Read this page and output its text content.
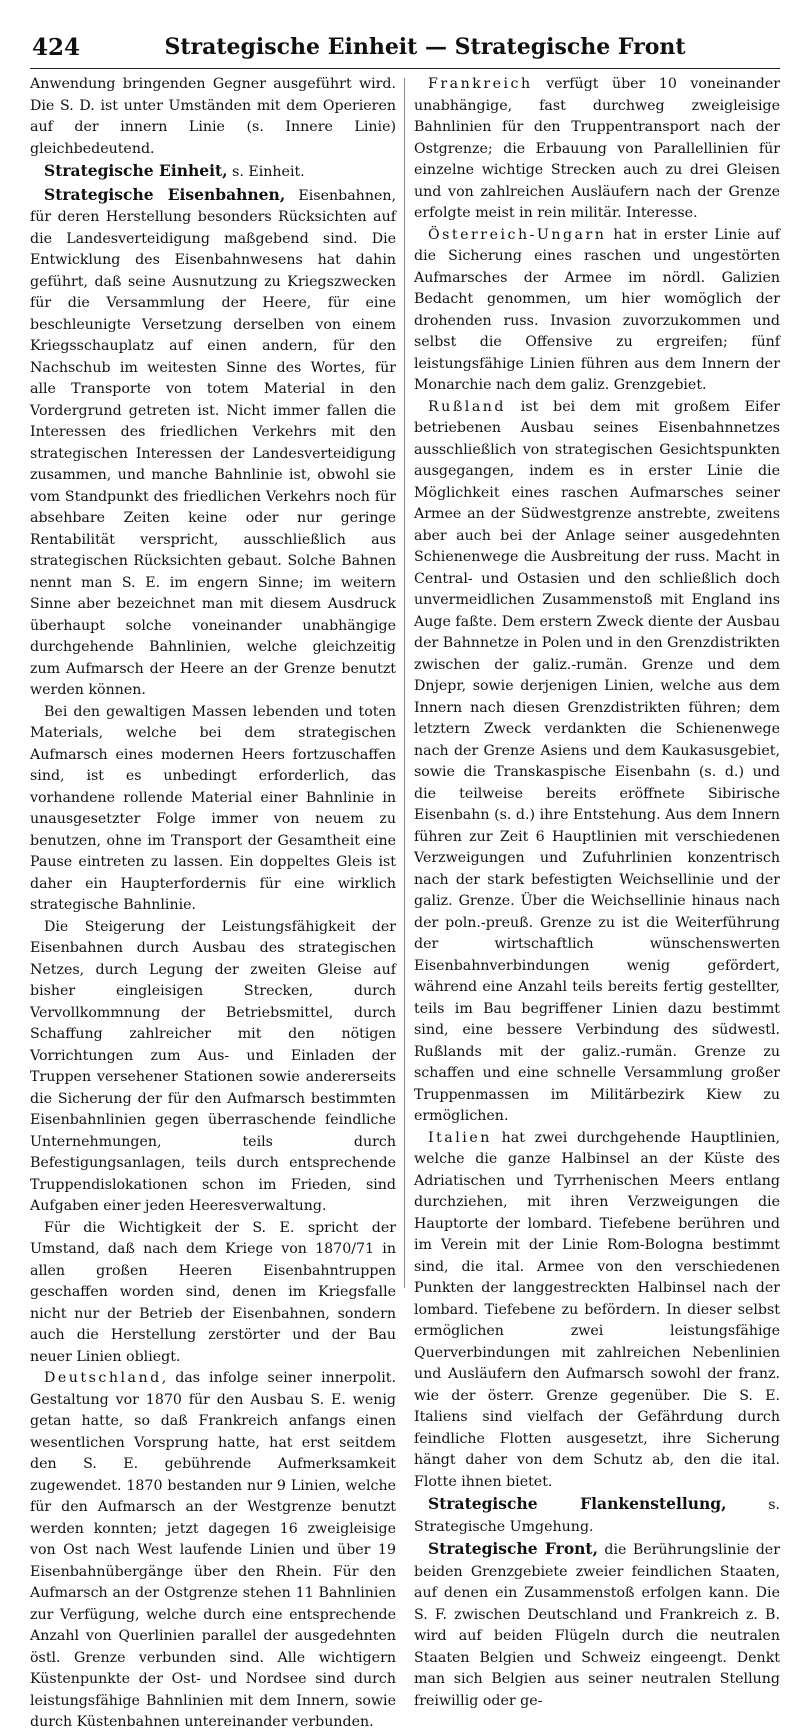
424	Strategische Einheit — Strategische Front

Anwendung bringenden Gegner ausgeführt wird. Die S. D. ist unter Umständen mit dem Operieren auf der innern Linie (s. Innere Linie) gleichbedeutend.

Strategische Einheit, s. Einheit.

Strategische Eisenbahnen, Eisenbahnen, für deren Herstellung besonders Rücksichten auf die Landesverteidigung maßgebend sind. Die Entwicklung des Eisenbahnwesens hat dahin geführt, daß seine Ausnutzung zu Kriegszwecken für die Versammlung der Heere, für eine beschleunigte Versetzung derselben von einem Kriegsschauplatz auf einen andern, für den Nachschub im weitesten Sinne des Wortes, für alle Transporte von totem Material in den Vordergrund getreten ist. Nicht immer fallen die Interessen des friedlichen Verkehrs mit den strategischen Interessen der Landesverteidigung zusammen, und manche Bahnlinie ist, obwohl sie vom Standpunkt des friedlichen Verkehrs noch für absehbare Zeiten keine oder nur geringe Rentabilität verspricht, ausschließlich aus strategischen Rücksichten gebaut. Solche Bahnen nennt man S. E. im engern Sinne; im weitern Sinne aber bezeichnet man mit diesem Ausdruck überhaupt solche voneinander unabhängige durchgehende Bahnlinien, welche gleichzeitig zum Aufmarsch der Heere an der Grenze benutzt werden können.

Bei den gewaltigen Massen lebenden und toten Materials, welche bei dem strategischen Aufmarsch eines modernen Heers fortzuschaffen sind, ist es unbedingt erforderlich, das vorhandene rollende Material einer Bahnlinie in unausgesetzter Folge immer von neuem zu benutzen, ohne im Transport der Gesamtheit eine Pause eintreten zu lassen. Ein doppeltes Gleis ist daher ein Haupterfordernis für eine wirklich strategische Bahnlinie.

Die Steigerung der Leistungsfähigkeit der Eisenbahnen durch Ausbau des strategischen Netzes, durch Legung der zweiten Gleise auf bisher eingleisigen Strecken, durch Vervollkommnung der Betriebsmittel, durch Schaffung zahlreicher mit den nötigen Vorrichtungen zum Aus- und Einladen der Truppen versehener Stationen sowie andererseits die Sicherung der für den Aufmarsch bestimmten Eisenbahnlinien gegen überraschende feindliche Unternehmungen, teils durch Befestigungsanlagen, teils durch entsprechende Truppendislokationen schon im Frieden, sind Aufgaben einer jeden Heeresverwaltung.

Für die Wichtigkeit der S. E. spricht der Umstand, daß nach dem Kriege von 1870/71 in allen großen Heeren Eisenbahntruppen geschaffen worden sind, denen im Kriegsfalle nicht nur der Betrieb der Eisenbahnen, sondern auch die Herstellung zerstörter und der Bau neuer Linien obliegt.

Deutschland, das infolge seiner innerpolit. Gestaltung vor 1870 für den Ausbau S. E. wenig getan hatte, so daß Frankreich anfangs einen wesentlichen Vorsprung hatte, hat erst seitdem den S. E. gebührende Aufmerksamkeit zugewendet. 1870 bestanden nur 9 Linien, welche für den Aufmarsch an der Westgrenze benutzt werden konnten; jetzt dagegen 16 zweigleisige von Ost nach West laufende Linien und über 19 Eisenbahnübergänge über den Rhein. Für den Aufmarsch an der Ostgrenze stehen 11 Bahnlinien zur Verfügung, welche durch eine entsprechende Anzahl von Querlinien parallel der ausgedehnten östl. Grenze verbunden sind. Alle wichtigern Küstenpunkte der Ost- und Nordsee sind durch leistungsfähige Bahnlinien mit dem Innern, sowie durch Küstenbahnen untereinander verbunden.

Frankreich verfügt über 10 voneinander unabhängige, fast durchweg zweigleisige Bahnlinien für den Truppentransport nach der Ostgrenze; die Erbauung von Parallellinien für einzelne wichtige Strecken auch zu drei Gleisen und von zahlreichen Ausläufern nach der Grenze erfolgte meist in rein militär. Interesse.

Österreich-Ungarn hat in erster Linie auf die Sicherung eines raschen und ungestörten Aufmarsches der Armee im nördl. Galizien Bedacht genommen, um hier womöglich der drohenden russ. Invasion zuvorzukommen und selbst die Offensive zu ergreifen; fünf leistungsfähige Linien führen aus dem Innern der Monarchie nach dem galiz. Grenzgebiet.

Rußland ist bei dem mit großem Eifer betriebenen Ausbau seines Eisenbahnnetzes ausschließlich von strategischen Gesichtspunkten ausgegangen, indem es in erster Linie die Möglichkeit eines raschen Aufmarsches seiner Armee an der Südwestgrenze anstrebte, zweitens aber auch bei der Anlage seiner ausgedehnten Schienenwege die Ausbreitung der russ. Macht in Central- und Ostasien und den schließlich doch unvermeidlichen Zusammenstoß mit England ins Auge faßte. Dem erstern Zweck diente der Ausbau der Bahnnetze in Polen und in den Grenzdistrikten zwischen der galiz.-rumän. Grenze und dem Dnjepr, sowie derjenigen Linien, welche aus dem Innern nach diesen Grenzdistrikten führen; dem letztern Zweck verdankten die Schienenwege nach der Grenze Asiens und dem Kaukasusgebiet, sowie die Transkaspische Eisenbahn (s. d.) und die teilweise bereits eröffnete Sibirische Eisenbahn (s. d.) ihre Entstehung. Aus dem Innern führen zur Zeit 6 Hauptlinien mit verschiedenen Verzweigungen und Zufuhrlinien konzentrisch nach der stark befestigten Weichsellinie und der galiz. Grenze. Über die Weichsellinie hinaus nach der poln.-preuß. Grenze zu ist die Weiterführung der wirtschaftlich wünschenswerten Eisenbahnverbindungen wenig gefördert, während eine Anzahl teils bereits fertig gestellter, teils im Bau begriffener Linien dazu bestimmt sind, eine bessere Verbindung des südwestl. Rußlands mit der galiz.-rumän. Grenze zu schaffen und eine schnelle Versammlung großer Truppenmassen im Militärbezirk Kiew zu ermöglichen.

Italien hat zwei durchgehende Hauptlinien, welche die ganze Halbinsel an der Küste des Adriatischen und Tyrrhenischen Meers entlang durchziehen, mit ihren Verzweigungen die Hauptorte der lombard. Tiefebene berühren und im Verein mit der Linie Rom-Bologna bestimmt sind, die ital. Armee von den verschiedenen Punkten der langgestreckten Halbinsel nach der lombard. Tiefebene zu befördern. In dieser selbst ermöglichen zwei leistungsfähige Querverbindungen mit zahlreichen Nebenlinien und Ausläufern den Aufmarsch sowohl der franz. wie der österr. Grenze gegenüber. Die S. E. Italiens sind vielfach der Gefährdung durch feindliche Flotten ausgesetzt, ihre Sicherung hängt daher von dem Schutz ab, den die ital. Flotte ihnen bietet.

Strategische Flankenstellung, s. Strategische Umgehung.

Strategische Front, die Berührungslinie der beiden Grenzgebiete zweier feindlichen Staaten, auf denen ein Zusammenstoß erfolgen kann. Die S. F. zwischen Deutschland und Frankreich z. B. wird auf beiden Flügeln durch die neutralen Staaten Belgien und Schweiz eingeengt. Denkt man sich Belgien aus seiner neutralen Stellung freiwillig oder ge-
